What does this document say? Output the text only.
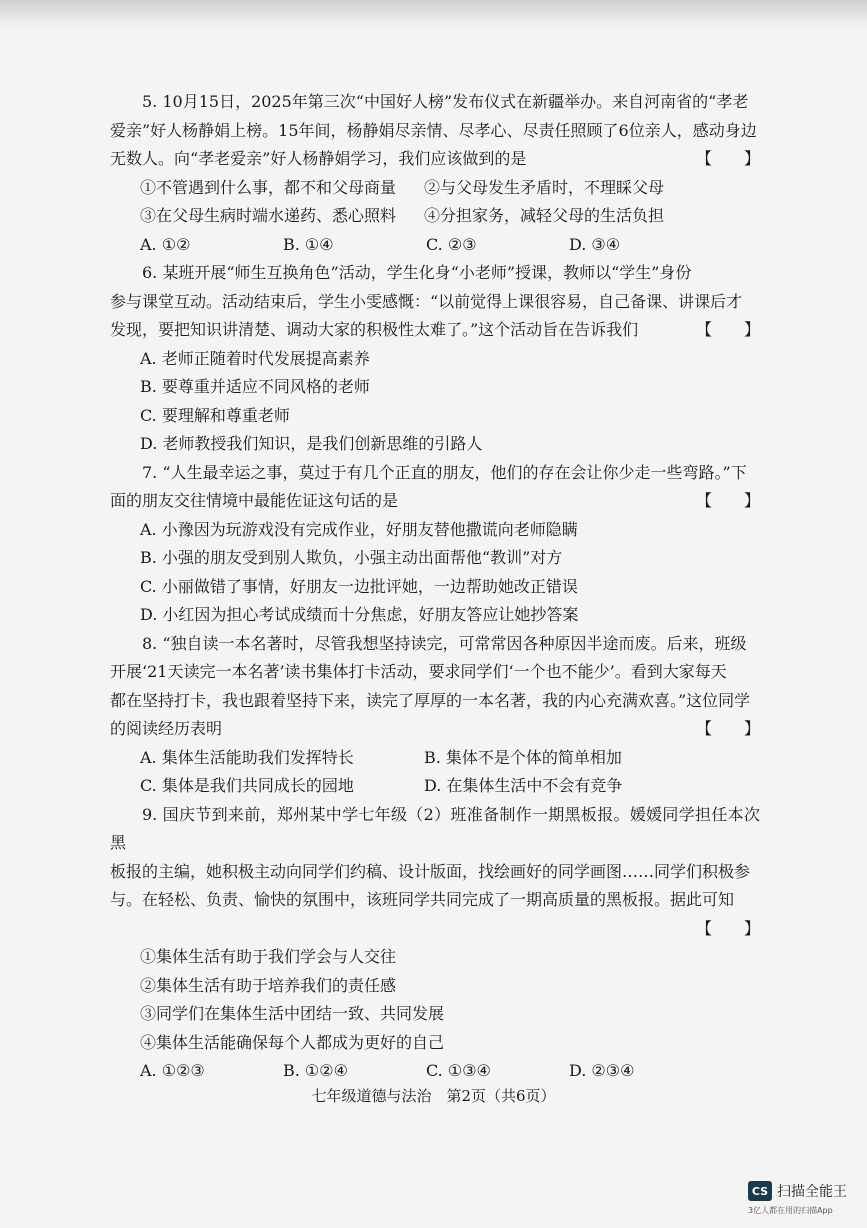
5. 10月15日，2025年第三次“中国好人榜”发布仪式在新疆举办。来自河南省的“孝老
爱亲”好人杨静娟上榜。15年间，杨静娟尽亲情、尽孝心、尽责任照顾了6位亲人，感动身边
无数人。向“孝老爱亲”好人杨静娟学习，我们应该做到的是	【　　】
①不管遇到什么事，都不和父母商量	②与父母发生矛盾时，不理睬父母
③在父母生病时端水递药、悉心照料	④分担家务，减轻父母的生活负担
A. ①②	B. ①④	C. ②③	D. ③④
6. 某班开展“师生互换角色”活动，学生化身“小老师”授课，教师以“学生”身份
参与课堂互动。活动结束后，学生小雯感慨：“以前觉得上课很容易，自己备课、讲课后才
发现，要把知识讲清楚、调动大家的积极性太难了。”这个活动旨在告诉我们	【　　】
A. 老师正随着时代发展提高素养
B. 要尊重并适应不同风格的老师
C. 要理解和尊重老师
D. 老师教授我们知识，是我们创新思维的引路人
7. “人生最幸运之事，莫过于有几个正直的朋友，他们的存在会让你少走一些弯路。”下
面的朋友交往情境中最能佐证这句话的是	【　　】
A. 小豫因为玩游戏没有完成作业，好朋友替他撒谎向老师隐瞒
B. 小强的朋友受到别人欺负，小强主动出面帮他“教训”对方
C. 小丽做错了事情，好朋友一边批评她，一边帮助她改正错误
D. 小红因为担心考试成绩而十分焦虑，好朋友答应让她抄答案
8. “独自读一本名著时，尽管我想坚持读完，可常常因各种原因半途而废。后来，班级
开展‘21天读完一本名著’读书集体打卡活动，要求同学们‘一个也不能少’。看到大家每天
都在坚持打卡，我也跟着坚持下来，读完了厚厚的一本名著，我的内心充满欢喜。”这位同学
的阅读经历表明	【　　】
A. 集体生活能助我们发挥特长	B. 集体不是个体的简单相加
C. 集体是我们共同成长的园地	D. 在集体生活中不会有竞争
9. 国庆节到来前，郑州某中学七年级（2）班准备制作一期黑板报。媛媛同学担任本次黑
板报的主编，她积极主动向同学们约稿、设计版面，找绘画好的同学画图……同学们积极参
与。在轻松、负责、愉快的氛围中，该班同学共同完成了一期高质量的黑板报。据此可知
【　　】
①集体生活有助于我们学会与人交往
②集体生活有助于培养我们的责任感
③同学们在集体生活中团结一致、共同发展
④集体生活能确保每个人都成为更好的自己
A. ①②③	B. ①②④	C. ①③④	D. ②③④
七年级道德与法治　第2页（共6页）
CS 扫描全能王
3亿人都在用的扫描App
